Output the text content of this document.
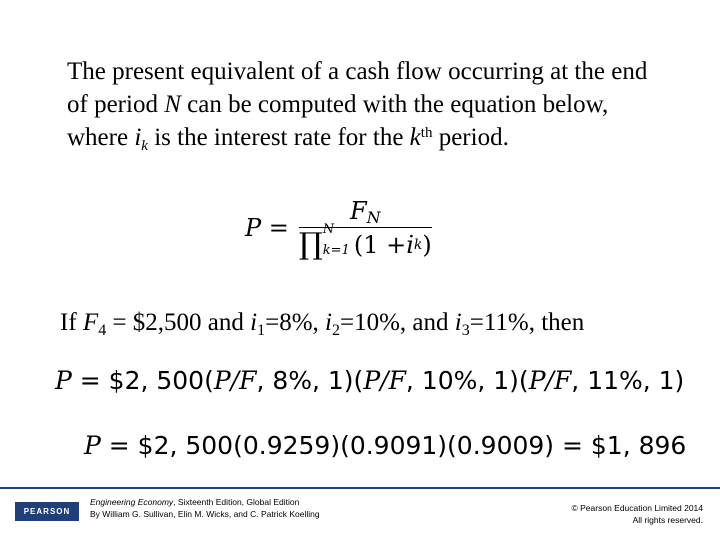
The present equivalent of a cash flow occurring at the end of period N can be computed with the equation below, where $i_k$ is the interest rate for the $k^{th}$ period.
$P = F_N$
∏ N
k=1 (1 + i k )
If $F_4$ = $2,500 and $i_1=8\%$, $i_2=10\%$, and $i_3=11\%$, then
P = $2, 500(P/F, 8%, 1)(P/F, 10%, 1)(P/F, 11%, 1)
P = $2, 500(0.9259)(0.9091)(0.9009) = $1, 896
PEARSON
Engineering Economy, Sixteenth Edition, Global Edition
By William G. Sullivan, Elin M. Wicks, and C. Patrick Koelling
© Pearson Education Limited 2014
All rights reserved.
